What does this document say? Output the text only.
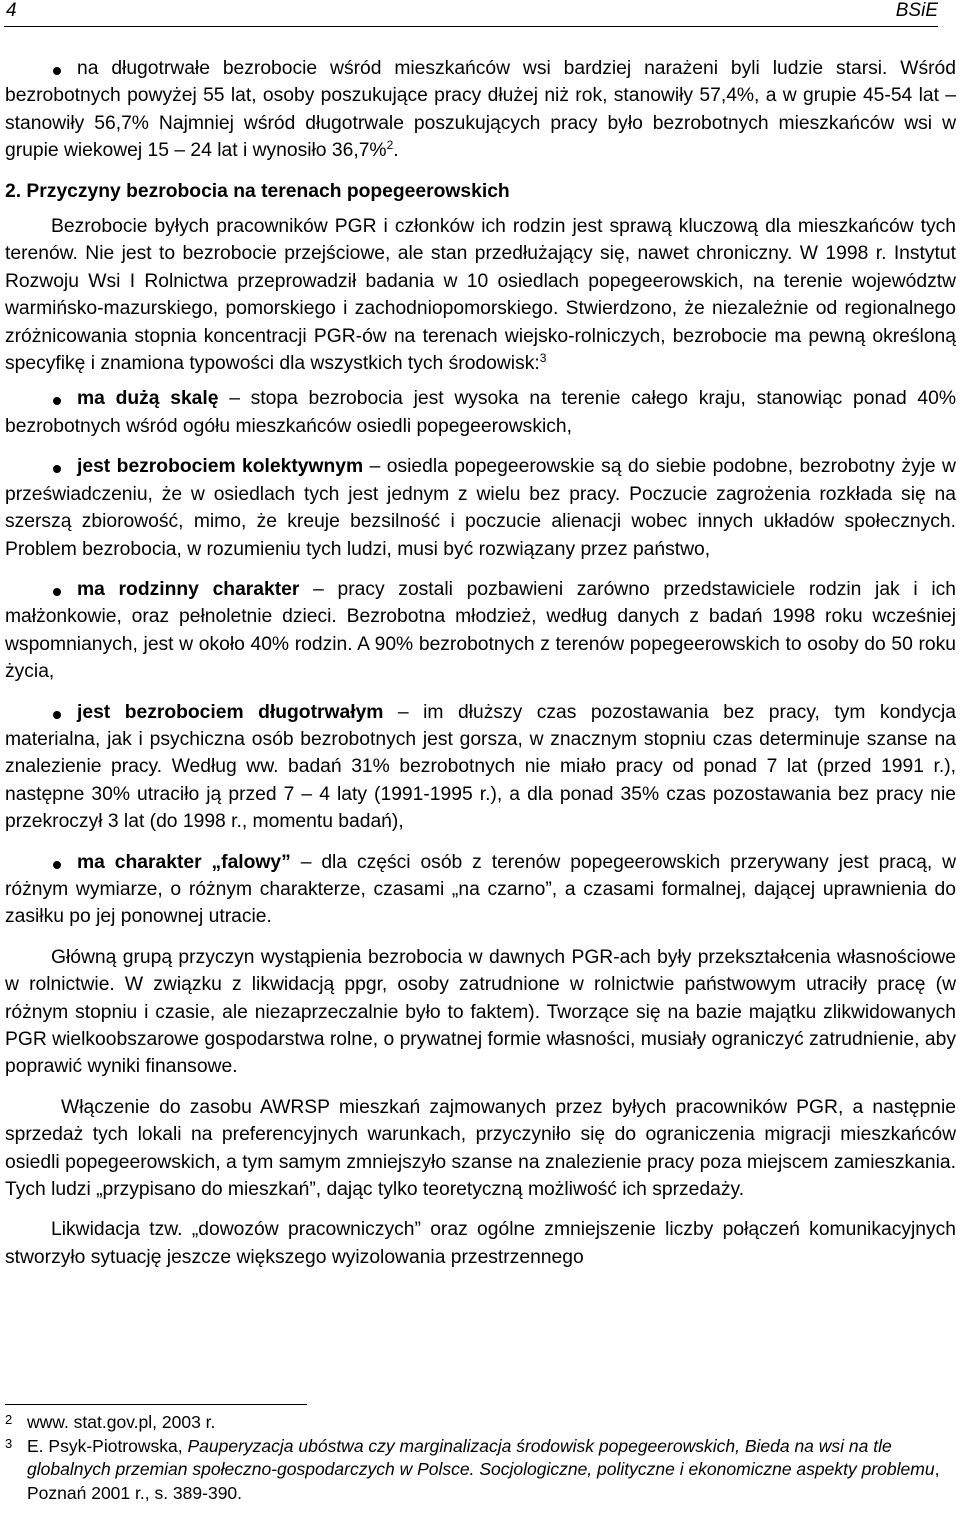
4	BSiE

na długotrwałe bezrobocie wśród mieszkańców wsi bardziej narażeni byli ludzie starsi. Wśród bezrobotnych powyżej 55 lat, osoby poszukujące pracy dłużej niż rok, stanowiły 57,4%, a w grupie 45-54 lat – stanowiły 56,7% Najmniej wśród długotrwale poszukujących pracy było bezrobotnych mieszkańców wsi w grupie wiekowej 15 – 24 lat i wynosiło 36,7%$^2$.

2. Przyczyny bezrobocia na terenach popegeerowskich

Bezrobocie byłych pracowników PGR i członków ich rodzin jest sprawą kluczową dla mieszkańców tych terenów. Nie jest to bezrobocie przejściowe, ale stan przedłużający się, nawet chroniczny. W 1998 r. Instytut Rozwoju Wsi I Rolnictwa przeprowadził badania w 10 osiedlach popegeerowskich, na terenie województw warmińsko-mazurskiego, pomorskiego i zachodniopomorskiego. Stwierdzono, że niezależnie od regionalnego zróżnicowania stopnia koncentracji PGR-ów na terenach wiejsko-rolniczych, bezrobocie ma pewną określoną specyfikę i znamiona typowości dla wszystkich tych środowisk:$^3$

ma dużą skalę – stopa bezrobocia jest wysoka na terenie całego kraju, stanowiąc ponad 40% bezrobotnych wśród ogółu mieszkańców osiedli popegeerowskich,

jest bezrobociem kolektywnym – osiedla popegeerowskie są do siebie podobne, bezrobotny żyje w przeświadczeniu, że w osiedlach tych jest jednym z wielu bez pracy. Poczucie zagrożenia rozkłada się na szerszą zbiorowość, mimo, że kreuje bezsilność i poczucie alienacji wobec innych układów społecznych. Problem bezrobocia, w rozumieniu tych ludzi, musi być rozwiązany przez państwo,

ma rodzinny charakter – pracy zostali pozbawieni zarówno przedstawiciele rodzin jak i ich małżonkowie, oraz pełnoletnie dzieci. Bezrobotna młodzież, według danych z badań 1998 roku wcześniej wspomnianych, jest w około 40% rodzin. A 90% bezrobotnych z terenów popegeerowskich to osoby do 50 roku życia,

jest bezrobociem długotrwałym – im dłuższy czas pozostawania bez pracy, tym kondycja materialna, jak i psychiczna osób bezrobotnych jest gorsza, w znacznym stopniu czas determinuje szanse na znalezienie pracy. Według ww. badań 31% bezrobotnych nie miało pracy od ponad 7 lat (przed 1991 r.), następne 30% utraciło ją przed 7 – 4 laty (1991-1995 r.), a dla ponad 35% czas pozostawania bez pracy nie przekroczył 3 lat (do 1998 r., momentu badań),

ma charakter „falowy” – dla części osób z terenów popegeerowskich przerywany jest pracą, w różnym wymiarze, o różnym charakterze, czasami „na czarno”, a czasami formalnej, dającej uprawnienia do zasiłku po jej ponownej utracie.

Główną grupą przyczyn wystąpienia bezrobocia w dawnych PGR-ach były przekształcenia własnościowe w rolnictwie. W związku z likwidacją ppgr, osoby zatrudnione w rolnictwie państwowym utraciły pracę (w różnym stopniu i czasie, ale niezaprzeczalnie było to faktem). Tworzące się na bazie majątku zlikwidowanych PGR wielkoobszarowe gospodarstwa rolne, o prywatnej formie własności, musiały ograniczyć zatrudnienie, aby poprawić wyniki finansowe.

Włączenie do zasobu AWRSP mieszkań zajmowanych przez byłych pracowników PGR, a następnie sprzedaż tych lokali na preferencyjnych warunkach, przyczyniło się do ograniczenia migracji mieszkańców osiedli popegeerowskich, a tym samym zmniejszyło szanse na znalezienie pracy poza miejscem zamieszkania. Tych ludzi „przypisano do mieszkań”, dając tylko teoretyczną możliwość ich sprzedaży.

Likwidacja tzw. „dowozów pracowniczych” oraz ogólne zmniejszenie liczby połączeń komunikacyjnych stworzyło sytuację jeszcze większego wyizolowania przestrzennego

2 www. stat.gov.pl, 2003 r.

3 E. Psyk-Piotrowska, Pauperyzacja ubóstwa czy marginalizacja środowisk popegeerowskich, Bieda na wsi na tle globalnych przemian społeczno-gospodarczych w Polsce. Socjologiczne, polityczne i ekonomiczne aspekty problemu, Poznań 2001 r., s. 389-390.
